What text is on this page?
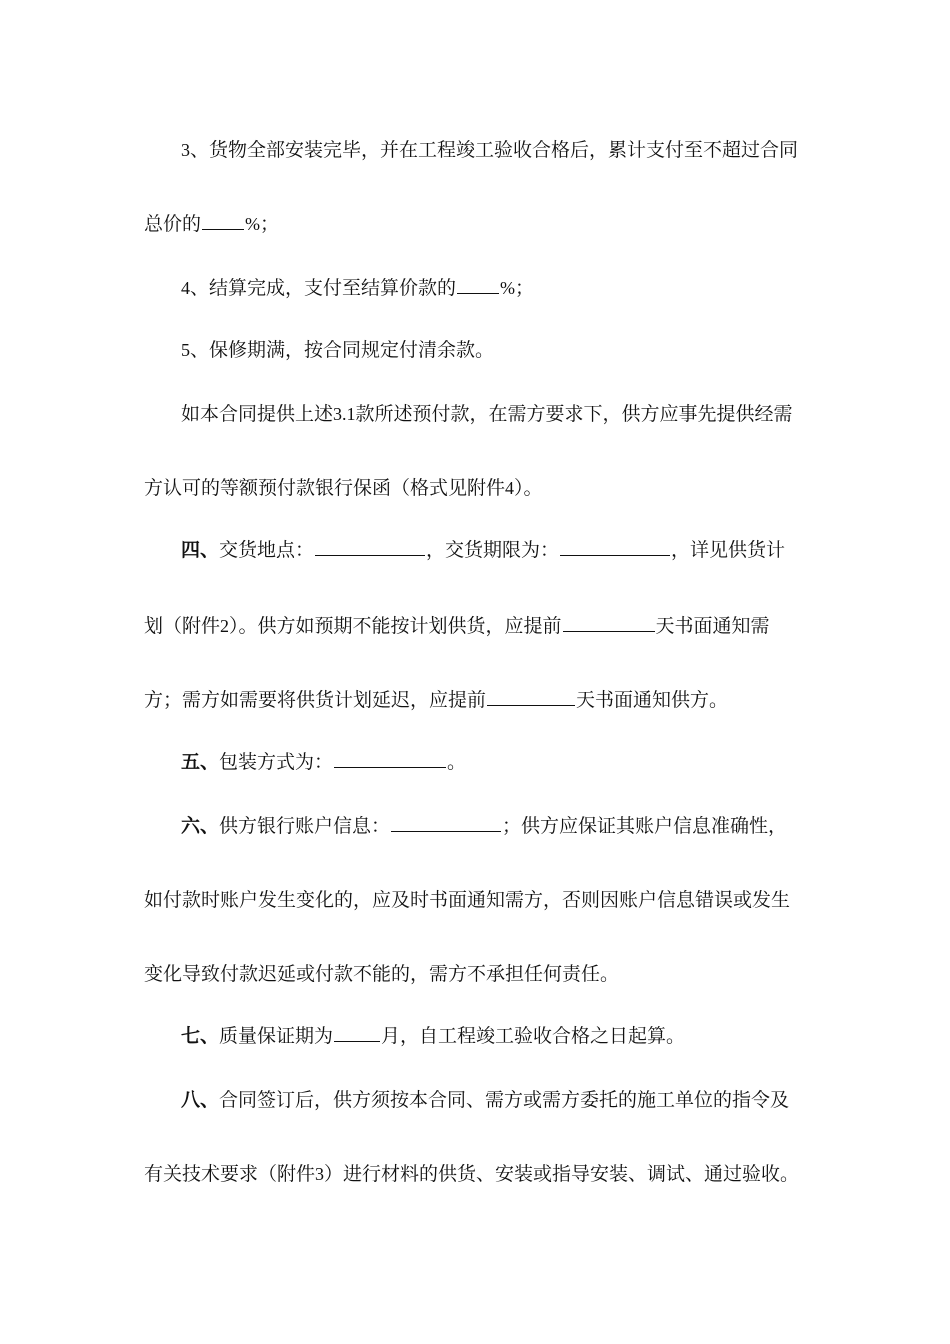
3、货物全部安装完毕，并在工程竣工验收合格后，累计支付至不超过合同

总价的 %；

4、结算完成，支付至结算价款的 %；

5、保修期满，按合同规定付清余款。

如本合同提供上述3.1款所述预付款，在需方要求下，供方应事先提供经需

方认可的等额预付款银行保函（格式见附件4）。

四、交货地点：	，交货期限为：	，详见供货计

划（附件2）。供方如预期不能按计划供货，应提前	天书面通知需

方；需方如需要将供货计划延迟，应提前	天书面通知供方。

五、包装方式为：	。

六、供方银行账户信息：	；供方应保证其账户信息准确性，

如付款时账户发生变化的，应及时书面通知需方，否则因账户信息错误或发生

变化导致付款迟延或付款不能的，需方不承担任何责任。

七、质量保证期为	月，自工程竣工验收合格之日起算。

八、合同签订后，供方须按本合同、需方或需方委托的施工单位的指令及

有关技术要求（附件3）进行材料的供货、安装或指导安装、调试、通过验收。
